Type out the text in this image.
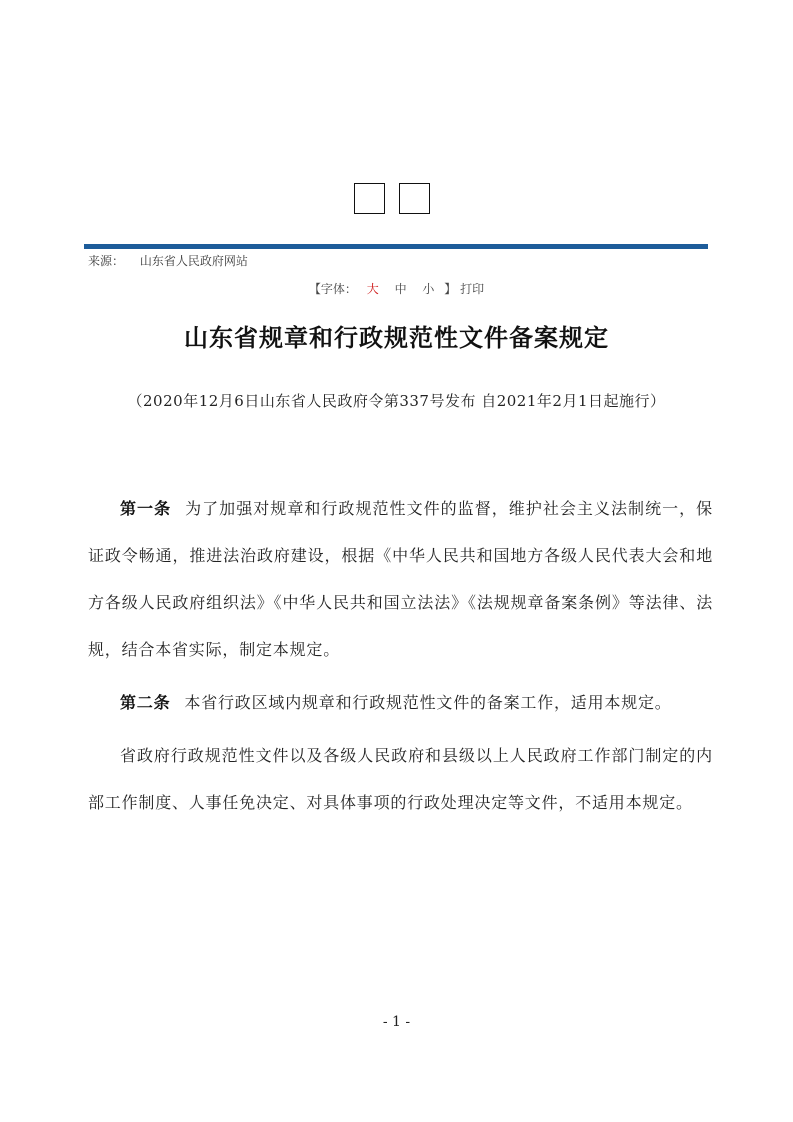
来源： 山东省人民政府网站
【字体： 大 中 小 】 打印
山东省规章和行政规范性文件备案规定
（2020年12月6日山东省人民政府令第337号发布 自2021年2月1日起施行）

第一条 为了加强对规章和行政规范性文件的监督，维护社会主义法制统一，保证政令畅通，推进法治政府建设，根据《中华人民共和国地方各级人民代表大会和地方各级人民政府组织法》《中华人民共和国立法法》《法规规章备案条例》等法律、法规，结合本省实际，制定本规定。

第二条 本省行政区域内规章和行政规范性文件的备案工作，适用本规定。

省政府行政规范性文件以及各级人民政府和县级以上人民政府工作部门制定的内部工作制度、人事任免决定、对具体事项的行政处理决定等文件，不适用本规定。

- 1 -
